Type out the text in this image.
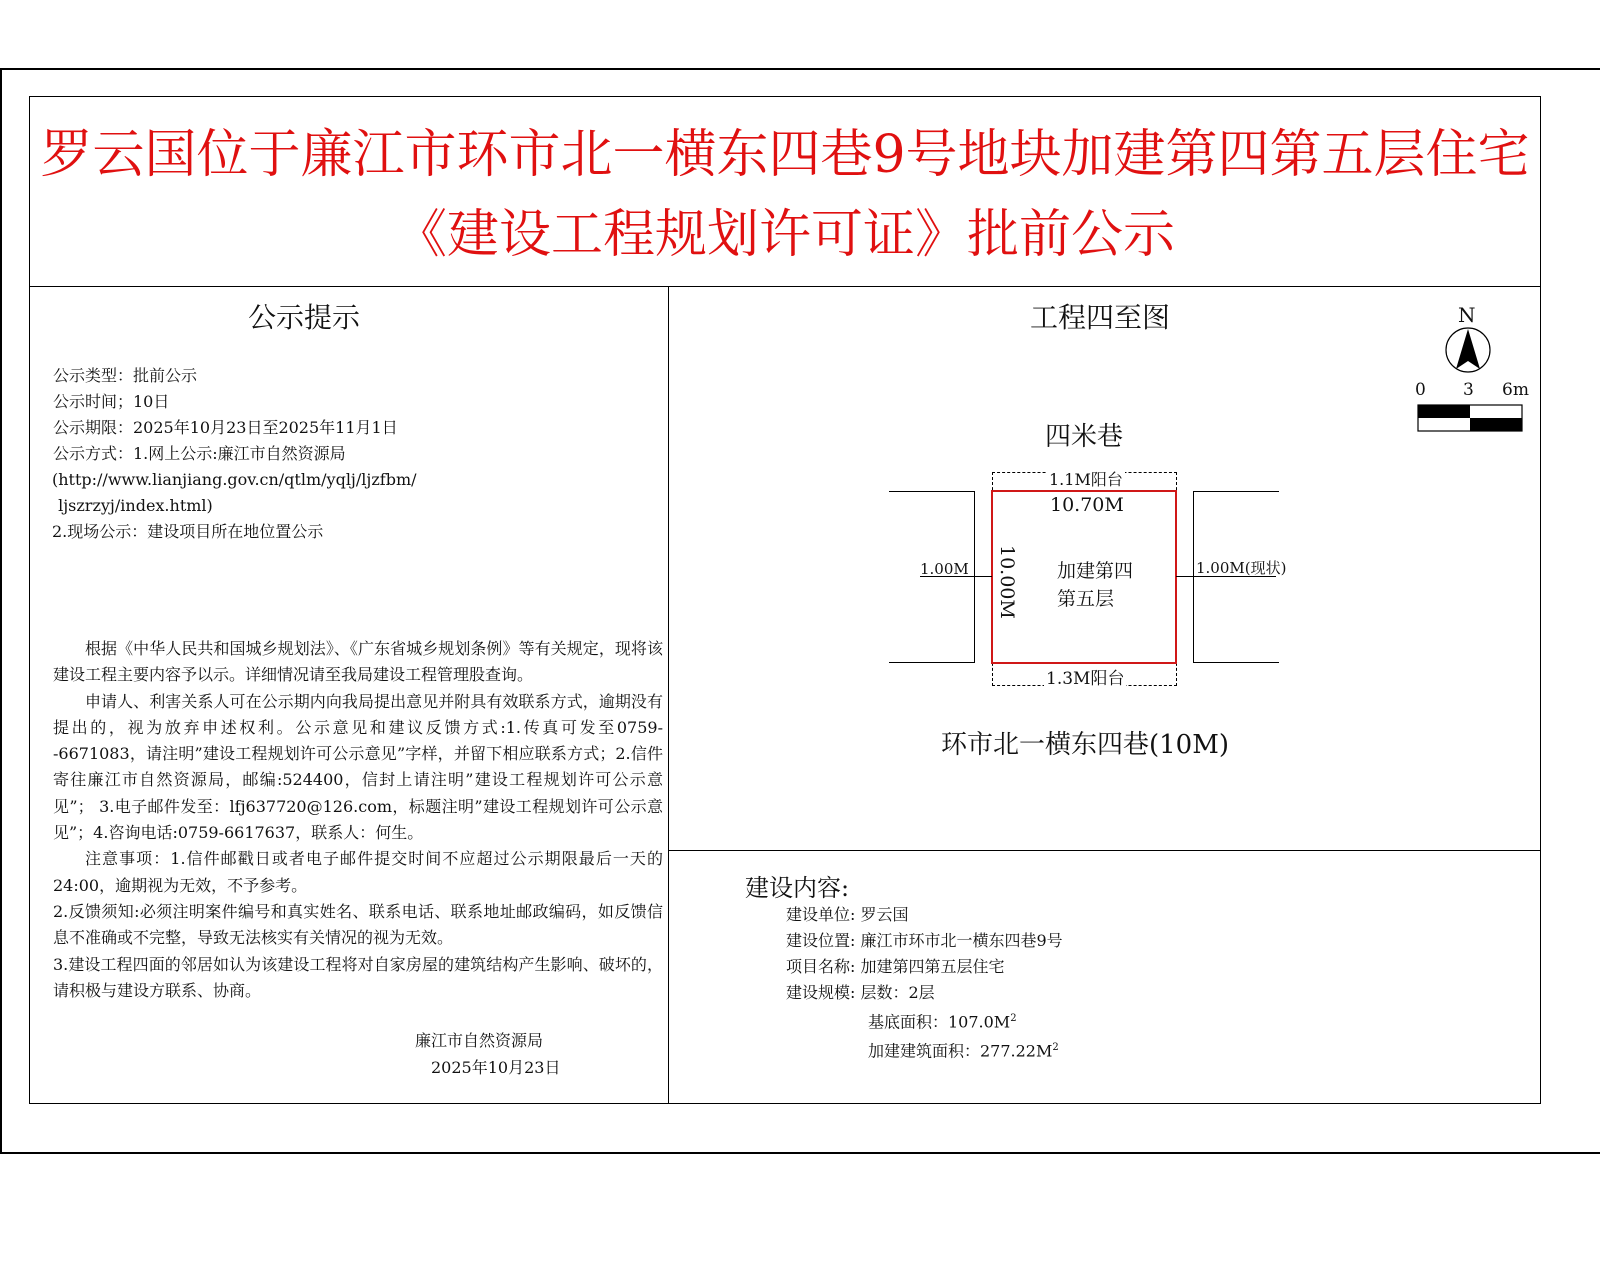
罗云国位于廉江市环市北一横东四巷9号地块加建第四第五层住宅
《建设工程规划许可证》批前公示
公示提示
公示类型：批前公示
公示时间；10日
公示期限：2025年10月23日至2025年11月1日
公示方式：1.网上公示:廉江市自然资源局
(http://www.lianjiang.gov.cn/qtlm/yqlj/ljzfbm/
ljszrzyj/index.html)
2.现场公示：建设项目所在地位置公示

根据《中华人民共和国城乡规划法》、《广东省城乡规划条例》等有关规定，现将该建设工程主要内容予以示。详细情况请至我局建设工程管理股查询。

申请人、利害关系人可在公示期内向我局提出意见并附具有效联系方式，逾期没有提出的，视为放弃申述权利。公示意见和建议反馈方式:1.传真可发至0759--6671083，请注明”建设工程规划许可公示意见”字样，并留下相应联系方式；2.信件寄往廉江市自然资源局，邮编:524400，信封上请注明”建设工程规划许可公示意见”； 3.电子邮件发至：lfj637720@126.com，标题注明”建设工程规划许可公示意见”；4.咨询电话:0759-6617637，联系人：何生。

注意事项：1.信件邮戳日或者电子邮件提交时间不应超过公示期限最后一天的24:00，逾期视为无效，不予参考。

2.反馈须知:必须注明案件编号和真实姓名、联系电话、联系地址邮政编码，如反馈信息不准确或不完整，导致无法核实有关情况的视为无效。

3.建设工程四面的邻居如认为该建设工程将对自家房屋的建筑结构产生影响、破坏的，请积极与建设方联系、协商。

廉江市自然资源局
2025年10月23日
工程四至图	N
0 3 6m
四米巷
1.1M阳台
10.70M
10.00M
1.00M	1.00M(现状)
加建第四
第五层
1.3M阳台
环市北一横东四巷(10M)
建设内容:
建设单位: 罗云国
建设位置: 廉江市环市北一横东四巷9号
项目名称: 加建第四第五层住宅
建设规模: 层数：2层
基底面积：$107.0M^2$
加建建筑面积：$277.22M^2$
